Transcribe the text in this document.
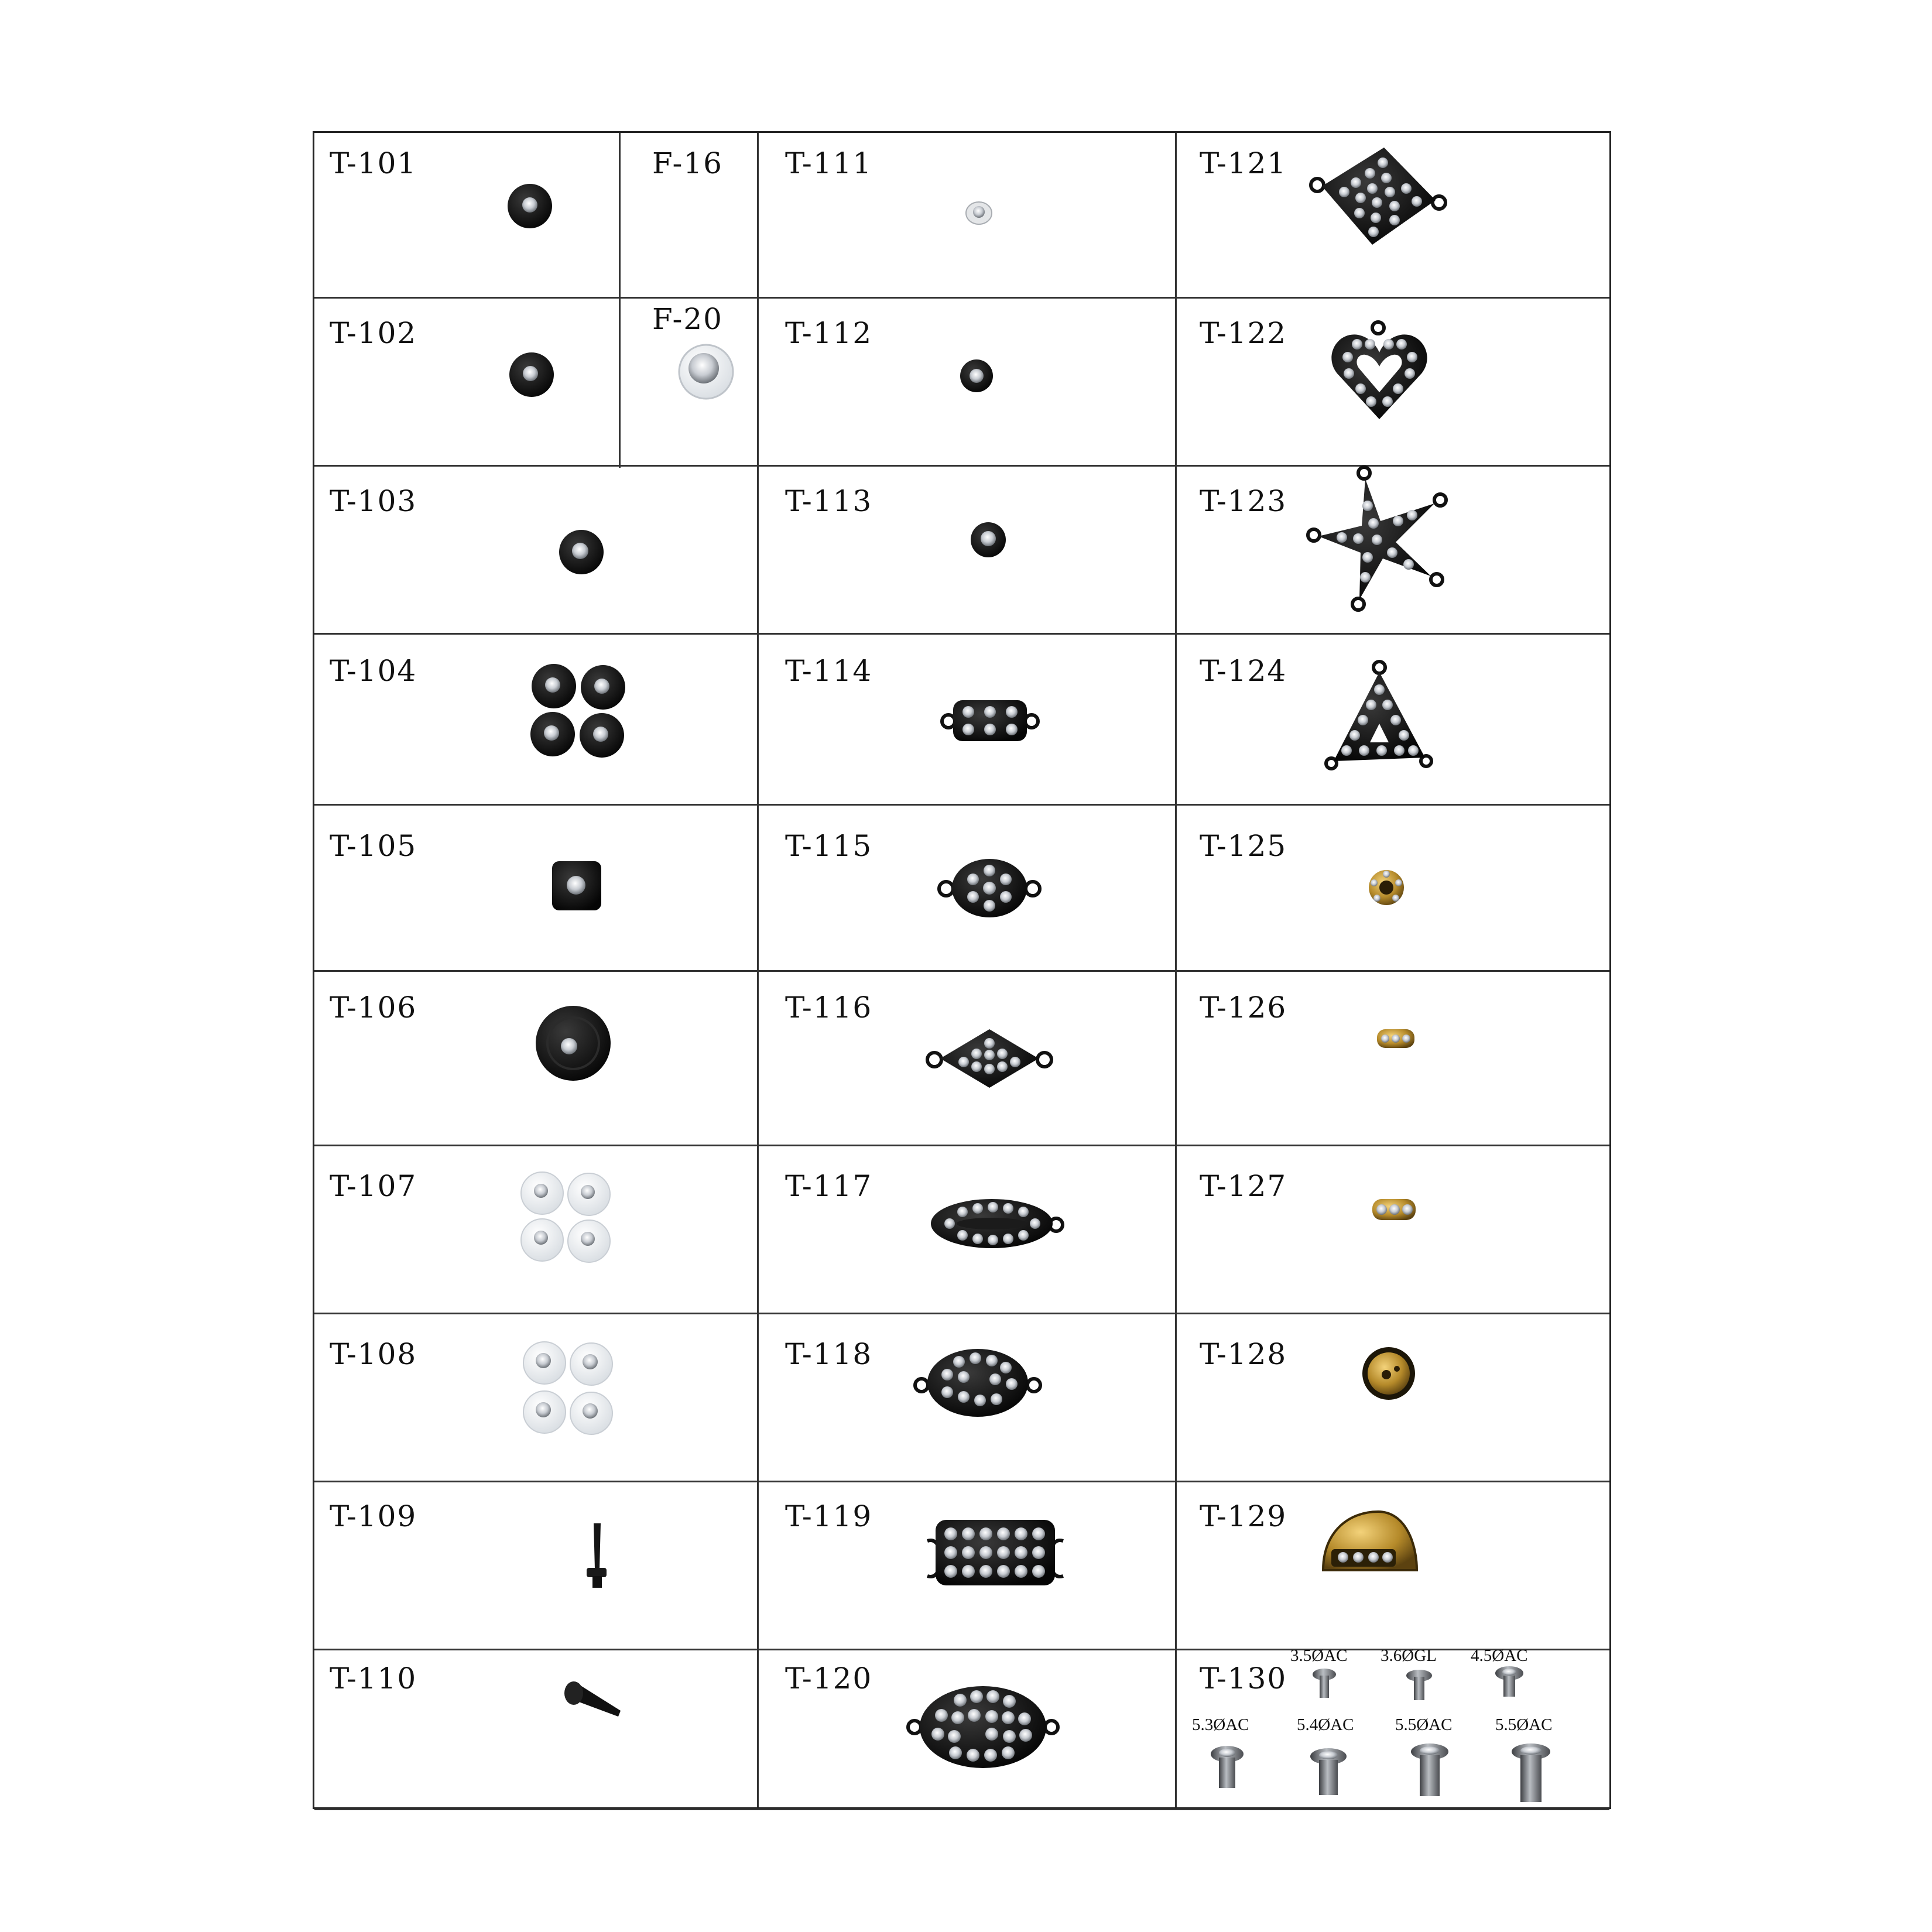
T-101
T-102
T-103
T-104
T-105
T-106
T-107
T-108
T-109
T-110
F-16
F-20
T-111
T-112
T-113
T-114
T-115
T-116
T-117
T-118
T-119
T-120
T-121
T-122
T-123
T-124
T-125
T-126
T-127
T-128
T-129
T-130
3.5ØAC 3.6ØGL 4.5ØAC
5.3ØAC	5.4ØAC 5.5ØAC	5.5ØAC
